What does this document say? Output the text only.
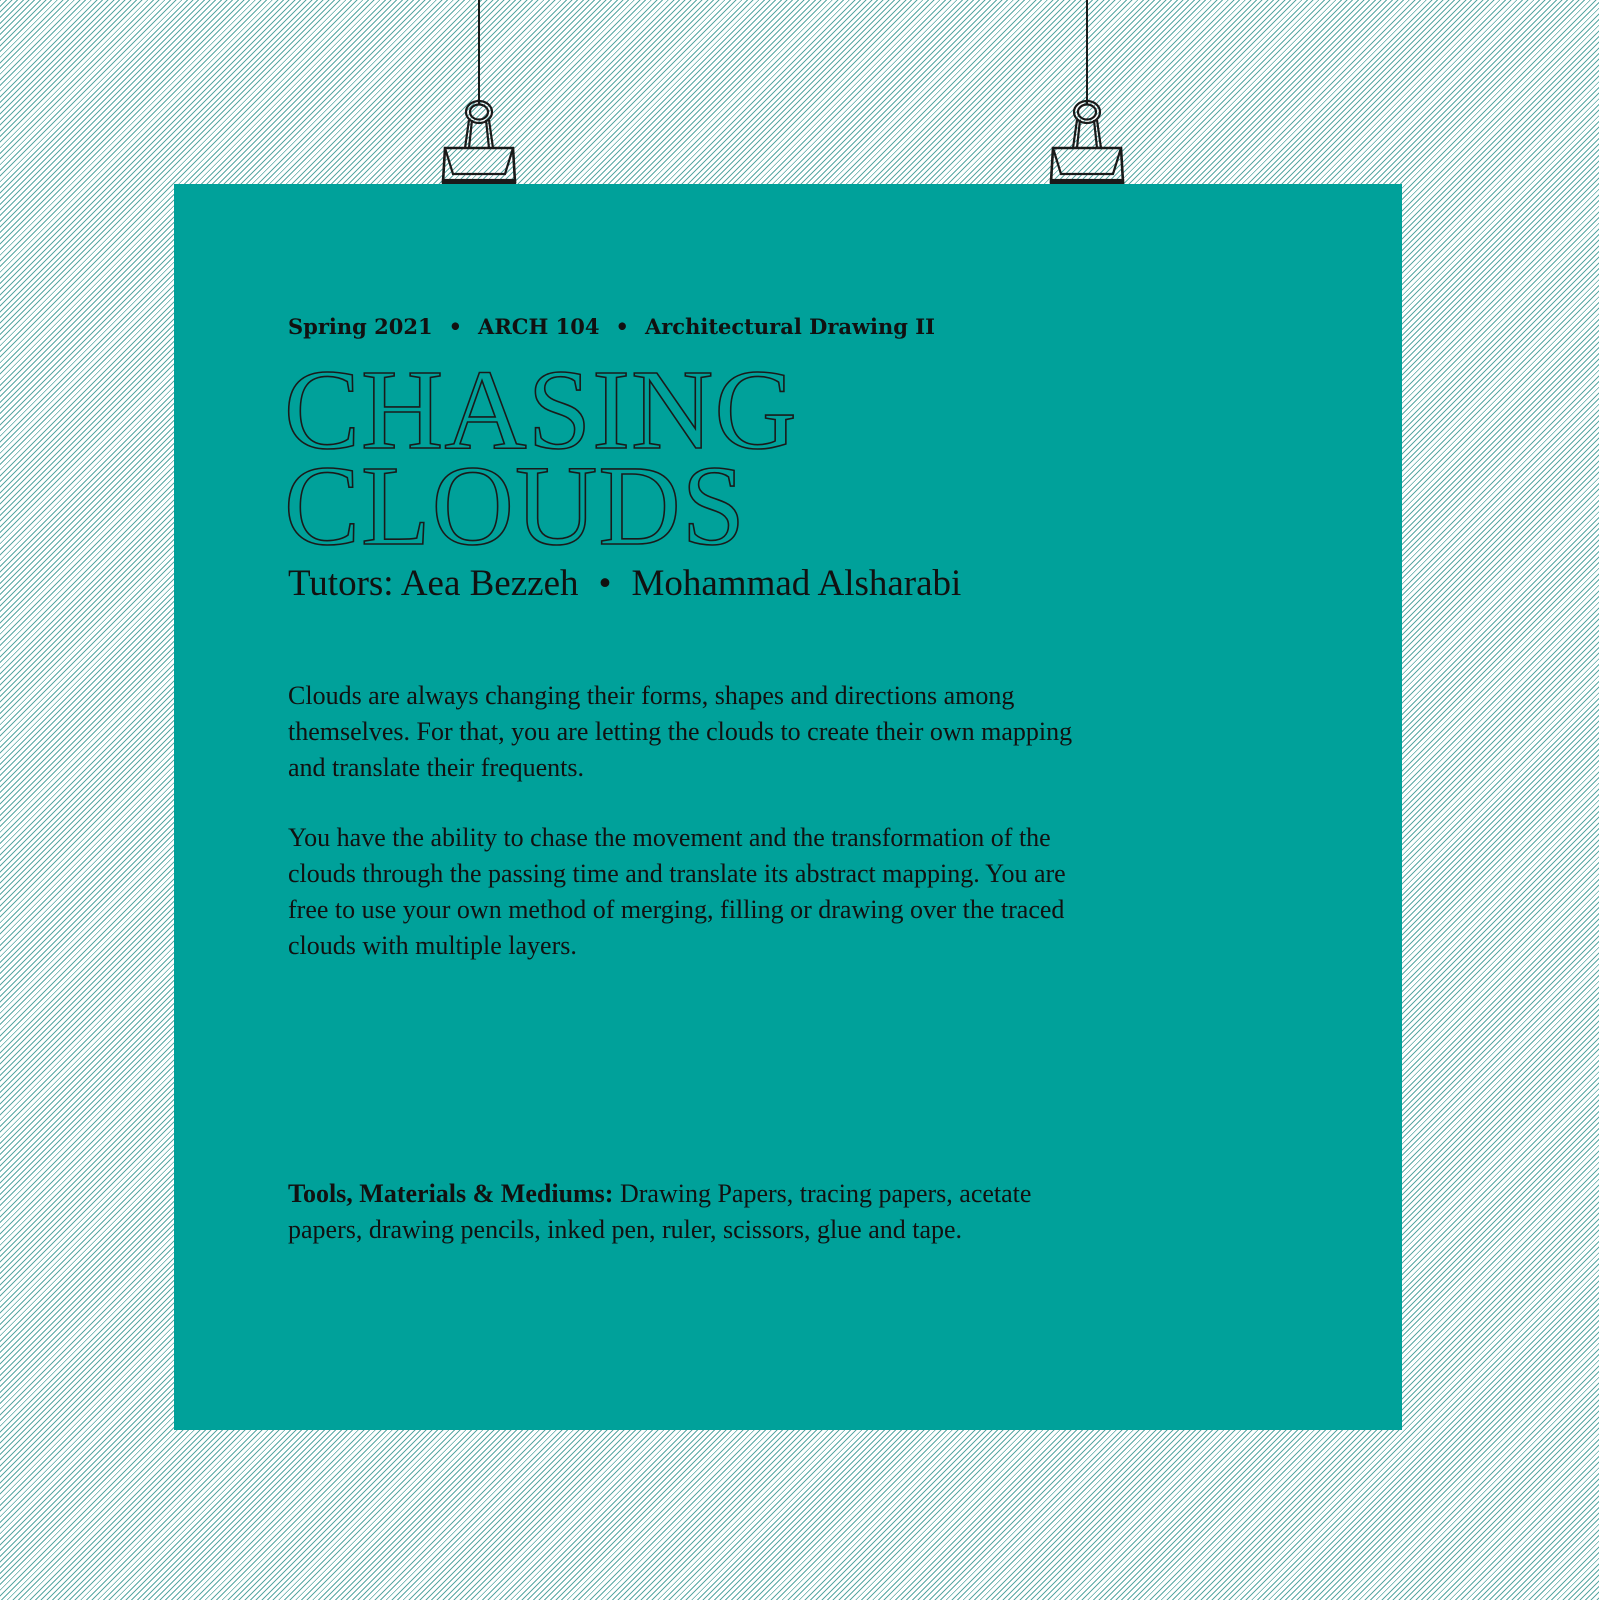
Spring 2021 • ARCH 104 • Architectural Drawing II
CHASING
CLOUDS
Tutors: Aea Bezzeh • Mohammad Alsharabi
Clouds are always changing their forms, shapes and directions among themselves. For that, you are letting the clouds to create their own mapping and translate their frequents.
You have the ability to chase the movement and the transformation of the clouds through the passing time and translate its abstract mapping. You are free to use your own method of merging, filling or drawing over the traced clouds with multiple layers.
Tools, Materials & Mediums: Drawing Papers, tracing papers, acetate papers, drawing pencils, inked pen, ruler, scissors, glue and tape.
